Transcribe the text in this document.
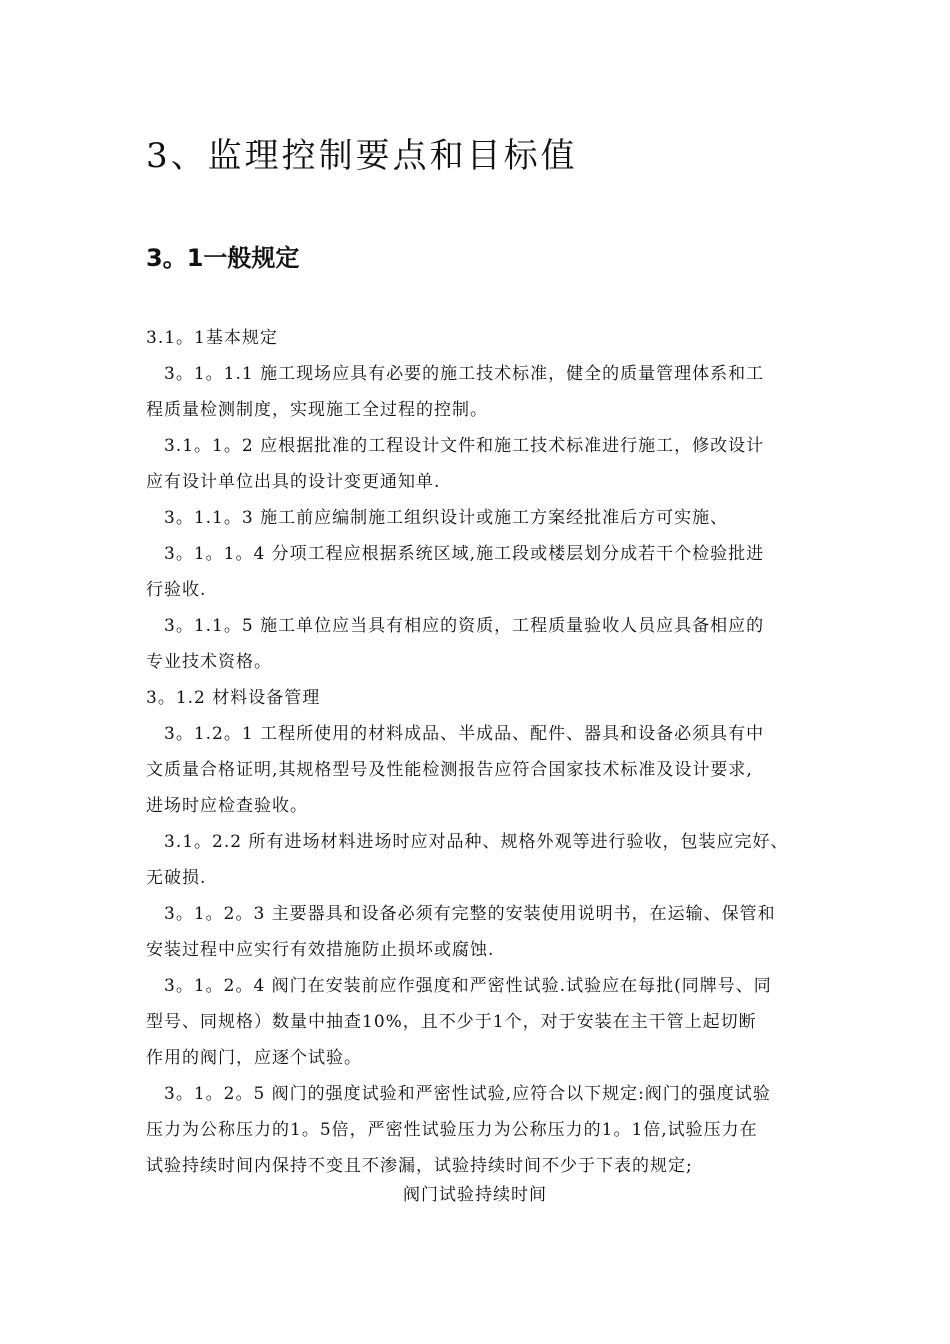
3、监理控制要点和目标值
3。1一般规定
3.1。1基本规定
3。1。1.1 施工现场应具有必要的施工技术标准，健全的质量管理体系和工
程质量检测制度，实现施工全过程的控制。
3.1。1。2 应根据批准的工程设计文件和施工技术标准进行施工，修改设计
应有设计单位出具的设计变更通知单.
3。1.1。3 施工前应编制施工组织设计或施工方案经批准后方可实施、
3。1。1。4 分项工程应根据系统区域,施工段或楼层划分成若干个检验批进
行验收.
3。1.1。5 施工单位应当具有相应的资质，工程质量验收人员应具备相应的
专业技术资格。
3。1.2 材料设备管理
3。1.2。1 工程所使用的材料成品、半成品、配件、器具和设备必须具有中
文质量合格证明,其规格型号及性能检测报告应符合国家技术标准及设计要求,
进场时应检查验收。
3.1。2.2 所有进场材料进场时应对品种、规格外观等进行验收，包装应完好、
无破损.
3。1。2。3 主要器具和设备必须有完整的安装使用说明书，在运输、保管和
安装过程中应实行有效措施防止损坏或腐蚀.
3。1。2。4 阀门在安装前应作强度和严密性试验.试验应在每批(同牌号、同
型号、同规格）数量中抽查10%，且不少于1个，对于安装在主干管上起切断
作用的阀门，应逐个试验。
3。1。2。5 阀门的强度试验和严密性试验,应符合以下规定:阀门的强度试验
压力为公称压力的1。5倍，严密性试验压力为公称压力的1。1倍,试验压力在
试验持续时间内保持不变且不渗漏，试验持续时间不少于下表的规定;
阀门试验持续时间
